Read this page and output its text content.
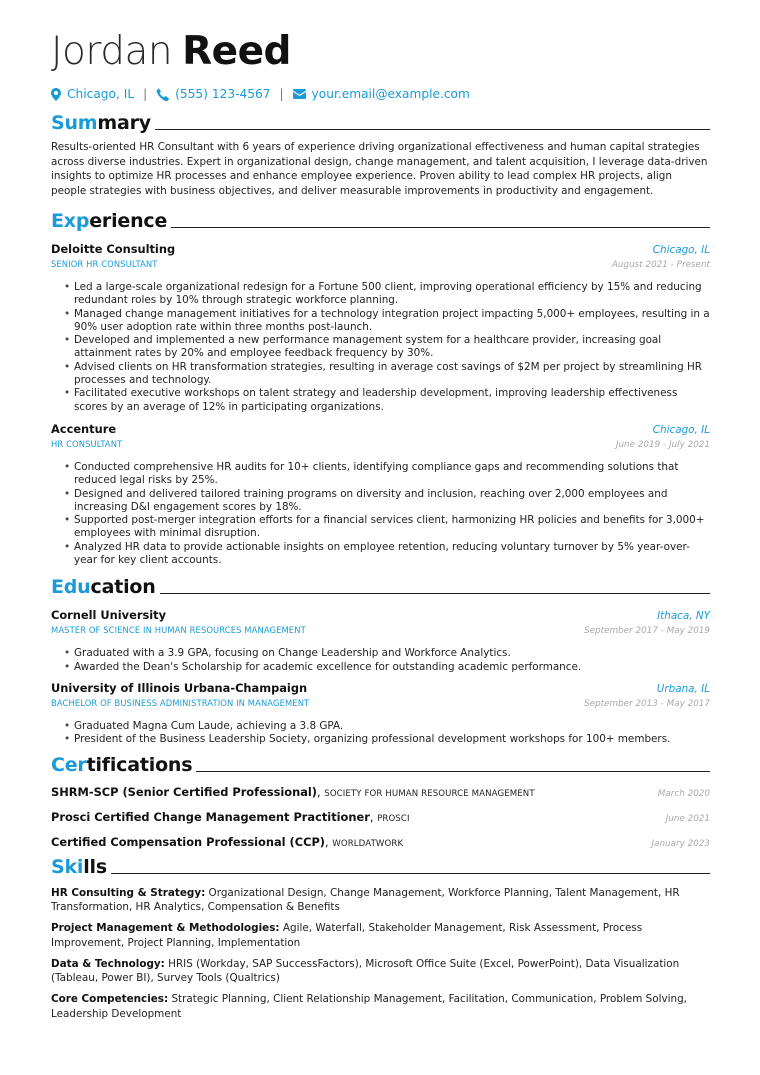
Jordan Reed
Chicago, IL | (555) 123-4567 | your.email@example.com
Summary

Results-oriented HR Consultant with 6 years of experience driving organizational effectiveness and human capital strategies across diverse industries. Expert in organizational design, change management, and talent acquisition, I leverage data-driven insights to optimize HR processes and enhance employee experience. Proven ability to lead complex HR projects, align people strategies with business objectives, and deliver measurable improvements in productivity and engagement.

Experience
Deloitte Consulting	Chicago, IL
SENIOR HR CONSULTANT	August 2021 - Present
• Led a large-scale organizational redesign for a Fortune 500 client, improving operational efficiency by 15% and reducing redundant roles by 10% through strategic workforce planning.
• Managed change management initiatives for a technology integration project impacting 5,000+ employees, resulting in a 90% user adoption rate within three months post-launch.
• Developed and implemented a new performance management system for a healthcare provider, increasing goal attainment rates by 20% and employee feedback frequency by 30%.
• Advised clients on HR transformation strategies, resulting in average cost savings of $2M per project by streamlining HR processes and technology.
• Facilitated executive workshops on talent strategy and leadership development, improving leadership effectiveness scores by an average of 12% in participating organizations.
Accenture	Chicago, IL
HR CONSULTANT	June 2019 - July 2021
• Conducted comprehensive HR audits for 10+ clients, identifying compliance gaps and recommending solutions that reduced legal risks by 25%.
• Designed and delivered tailored training programs on diversity and inclusion, reaching over 2,000 employees and increasing D&I engagement scores by 18%.
• Supported post-merger integration efforts for a financial services client, harmonizing HR policies and benefits for 3,000+ employees with minimal disruption.
• Analyzed HR data to provide actionable insights on employee retention, reducing voluntary turnover by 5% year-over-year for key client accounts.
Education
Cornell University	Ithaca, NY
MASTER OF SCIENCE IN HUMAN RESOURCES MANAGEMENT	September 2017 - May 2019
• Graduated with a 3.9 GPA, focusing on Change Leadership and Workforce Analytics.
• Awarded the Dean's Scholarship for academic excellence for outstanding academic performance.
University of Illinois Urbana-Champaign	Urbana, IL
BACHELOR OF BUSINESS ADMINISTRATION IN MANAGEMENT	September 2013 - May 2017
• Graduated Magna Cum Laude, achieving a 3.8 GPA.
• President of the Business Leadership Society, organizing professional development workshops for 100+ members.
Certifications
SHRM-SCP (Senior Certified Professional), SOCIETY FOR HUMAN RESOURCE MANAGEMENT	March 2020
Prosci Certified Change Management Practitioner, PROSCI	June 2021
Certified Compensation Professional (CCP), WORLDATWORK	January 2023
Skills

HR Consulting & Strategy: Organizational Design, Change Management, Workforce Planning, Talent Management, HR Transformation, HR Analytics, Compensation & Benefits

Project Management & Methodologies: Agile, Waterfall, Stakeholder Management, Risk Assessment, Process Improvement, Project Planning, Implementation

Data & Technology: HRIS (Workday, SAP SuccessFactors), Microsoft Office Suite (Excel, PowerPoint), Data Visualization (Tableau, Power BI), Survey Tools (Qualtrics)

Core Competencies: Strategic Planning, Client Relationship Management, Facilitation, Communication, Problem Solving, Leadership Development
